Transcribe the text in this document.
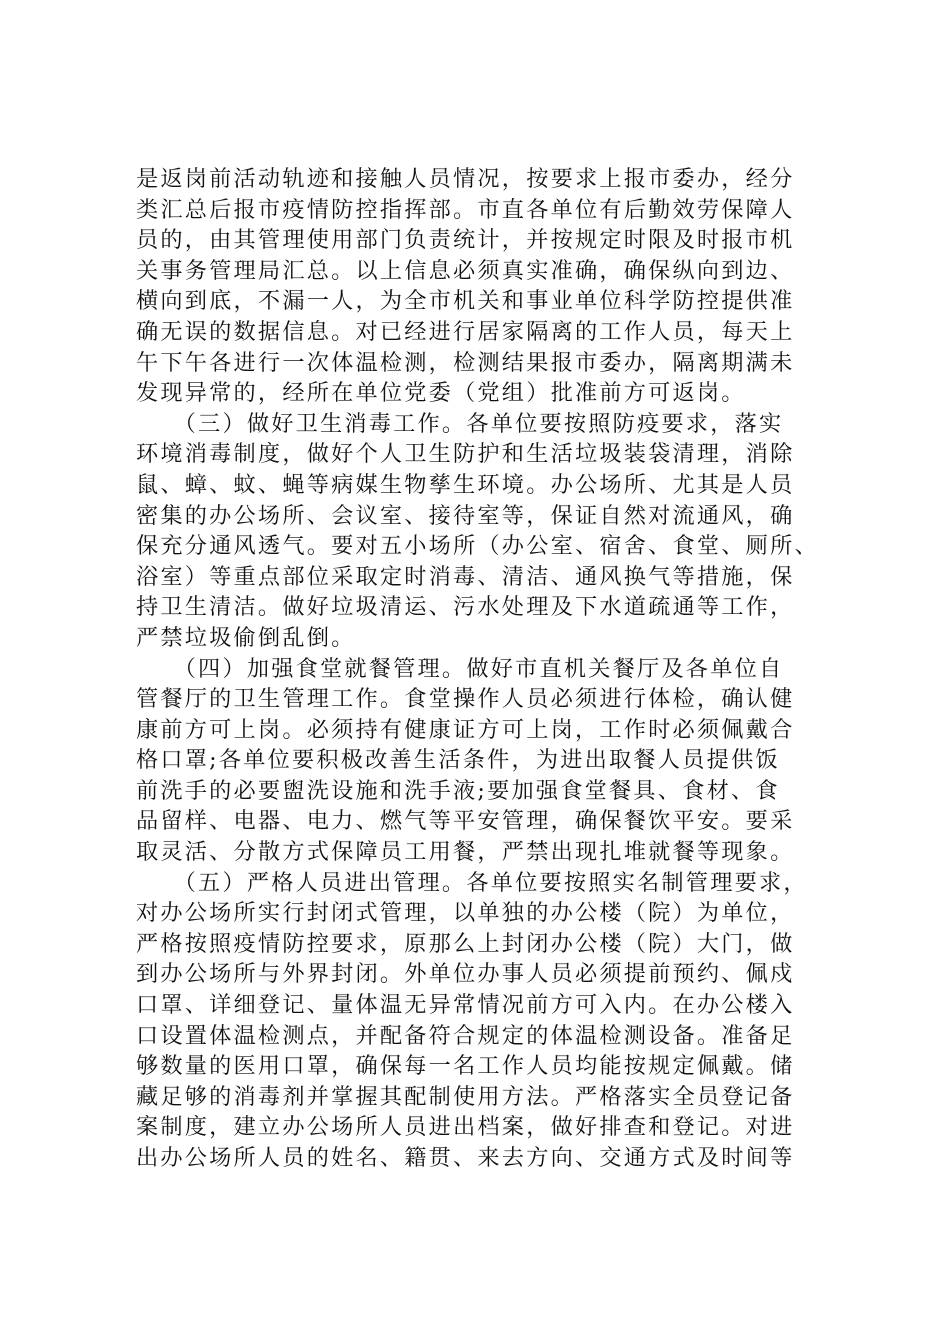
是返岗前活动轨迹和接触人员情况，按要求上报市委办，经分
类汇总后报市疫情防控指挥部。市直各单位有后勤效劳保障人
员的，由其管理使用部门负责统计，并按规定时限及时报市机
关事务管理局汇总。以上信息必须真实准确，确保纵向到边、
横向到底，不漏一人，为全市机关和事业单位科学防控提供准
确无误的数据信息。对已经进行居家隔离的工作人员，每天上
午下午各进行一次体温检测，检测结果报市委办，隔离期满未
发现异常的，经所在单位党委（党组）批准前方可返岗。
　　（三）做好卫生消毒工作。各单位要按照防疫要求，落实
环境消毒制度，做好个人卫生防护和生活垃圾装袋清理，消除
鼠、蟑、蚊、蝇等病媒生物孳生环境。办公场所、尤其是人员
密集的办公场所、会议室、接待室等，保证自然对流通风，确
保充分通风透气。要对五小场所（办公室、宿舍、食堂、厕所、
浴室）等重点部位采取定时消毒、清洁、通风换气等措施，保
持卫生清洁。做好垃圾清运、污水处理及下水道疏通等工作，
严禁垃圾偷倒乱倒。
　　（四）加强食堂就餐管理。做好市直机关餐厅及各单位自
管餐厅的卫生管理工作。食堂操作人员必须进行体检，确认健
康前方可上岗。必须持有健康证方可上岗，工作时必须佩戴合
格口罩;各单位要积极改善生活条件，为进出取餐人员提供饭
前洗手的必要盥洗设施和洗手液;要加强食堂餐具、食材、食
品留样、电器、电力、燃气等平安管理，确保餐饮平安。要采
取灵活、分散方式保障员工用餐，严禁出现扎堆就餐等现象。
　　（五）严格人员进出管理。各单位要按照实名制管理要求，
对办公场所实行封闭式管理，以单独的办公楼（院）为单位，
严格按照疫情防控要求，原那么上封闭办公楼（院）大门，做
到办公场所与外界封闭。外单位办事人员必须提前预约、佩戍
口罩、详细登记、量体温无异常情况前方可入内。在办公楼入
口设置体温检测点，并配备符合规定的体温检测设备。准备足
够数量的医用口罩，确保每一名工作人员均能按规定佩戴。储
藏足够的消毒剂并掌握其配制使用方法。严格落实全员登记备
案制度，建立办公场所人员进出档案，做好排查和登记。对进
出办公场所人员的姓名、籍贯、来去方向、交通方式及时间等
